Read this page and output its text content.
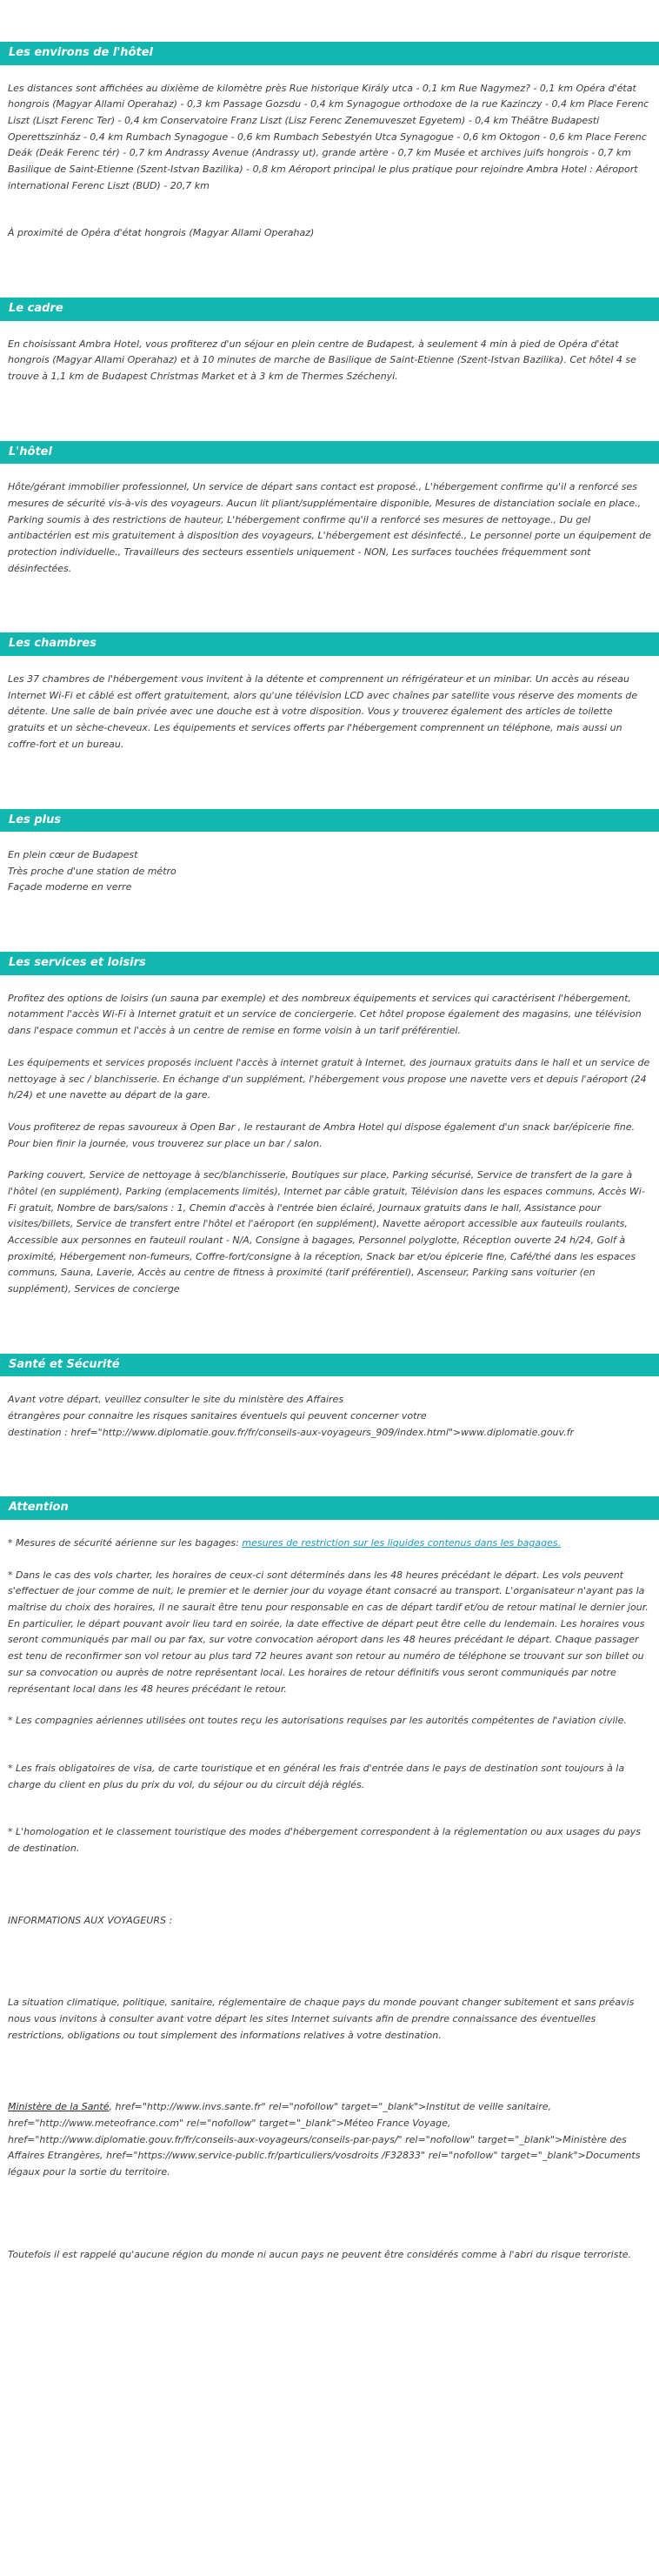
Les environs de l'hôtel

Les distances sont affichées au dixième de kilomètre près Rue historique Király utca - 0,1 km Rue Nagymez? - 0,1 km Opéra d'état hongrois (Magyar Allami Operahaz) - 0,3 km Passage Gozsdu - 0,4 km Synagogue orthodoxe de la rue Kazinczy - 0,4 km Place Ferenc Liszt (Liszt Ferenc Ter) - 0,4 km Conservatoire Franz Liszt (Lisz Ferenc Zenemuveszet Egyetem) - 0,4 km Théâtre Budapesti Operettszinház - 0,4 km Rumbach Synagogue - 0,6 km Rumbach Sebestyén Utca Synagogue - 0,6 km Oktogon - 0,6 km Place Ferenc Deák (Deák Ferenc tér) - 0,7 km Andrassy Avenue (Andrassy ut), grande artère - 0,7 km Musée et archives juifs hongrois - 0,7 km Basilique de Saint-Etienne (Szent-Istvan Bazilika) - 0,8 km Aéroport principal le plus pratique pour rejoindre Ambra Hotel : Aéroport international Ferenc Liszt (BUD) - 20,7 km

À proximité de Opéra d'état hongrois (Magyar Allami Operahaz)

Le cadre

En choisissant Ambra Hotel, vous profiterez d'un séjour en plein centre de Budapest, à seulement 4 min à pied de Opéra d'état hongrois (Magyar Allami Operahaz) et à 10 minutes de marche de Basilique de Saint-Etienne (Szent-Istvan Bazilika). Cet hôtel 4 se trouve à 1,1 km de Budapest Christmas Market et à 3 km de Thermes Széchenyi.

L'hôtel

Hôte/gérant immobilier professionnel, Un service de départ sans contact est proposé., L'hébergement confirme qu'il a renforcé ses mesures de sécurité vis-à-vis des voyageurs. Aucun lit pliant/supplémentaire disponible, Mesures de distanciation sociale en place., Parking soumis à des restrictions de hauteur, L'hébergement confirme qu'il a renforcé ses mesures de nettoyage., Du gel antibactérien est mis gratuitement à disposition des voyageurs, L'hébergement est désinfecté., Le personnel porte un équipement de protection individuelle., Travailleurs des secteurs essentiels uniquement - NON, Les surfaces touchées fréquemment sont désinfectées.

Les chambres

Les 37 chambres de l'hébergement vous invitent à la détente et comprennent un réfrigérateur et un minibar. Un accès au réseau Internet Wi-Fi et câblé est offert gratuitement, alors qu'une télévision LCD avec chaînes par satellite vous réserve des moments de détente. Une salle de bain privée avec une douche est à votre disposition. Vous y trouverez également des articles de toilette gratuits et un sèche-cheveux. Les équipements et services offerts par l'hébergement comprennent un téléphone, mais aussi un coffre-fort et un bureau.

Les plus

En plein cœur de Budapest

Très proche d'une station de métro
Façade moderne en verre
Les services et loisirs

Profitez des options de loisirs (un sauna par exemple) et des nombreux équipements et services qui caractérisent l'hébergement, notamment l'accès Wi-Fi à Internet gratuit et un service de conciergerie. Cet hôtel propose également des magasins, une télévision dans l'espace commun et l'accès à un centre de remise en forme voisin à un tarif préférentiel.

Les équipements et services proposés incluent l'accès à internet gratuit à Internet, des journaux gratuits dans le hall et un service de nettoyage à sec / blanchisserie. En échange d'un supplément, l'hébergement vous propose une navette vers et depuis l'aéroport (24 h/24) et une navette au départ de la gare.

Vous profiterez de repas savoureux à Open Bar , le restaurant de Ambra Hotel qui dispose également d'un snack bar/épicerie fine. Pour bien finir la journée, vous trouverez sur place un bar / salon.

Parking couvert, Service de nettoyage à sec/blanchisserie, Boutiques sur place, Parking sécurisé, Service de transfert de la gare à l'hôtel (en supplément), Parking (emplacements limités), Internet par câble gratuit, Télévision dans les espaces communs, Accès Wi-Fi gratuit, Nombre de bars/salons : 1, Chemin d'accès à l'entrée bien éclairé, Journaux gratuits dans le hall, Assistance pour visites/billets, Service de transfert entre l'hôtel et l'aéroport (en supplément), Navette aéroport accessible aux fauteuils roulants, Accessible aux personnes en fauteuil roulant - N/A, Consigne à bagages, Personnel polyglotte, Réception ouverte 24 h/24, Golf à proximité, Hébergement non-fumeurs, Coffre-fort/consigne à la réception, Snack bar et/ou épicerie fine, Café/thé dans les espaces communs, Sauna, Laverie, Accès au centre de fitness à proximité (tarif préférentiel), Ascenseur, Parking sans voiturier (en supplément), Services de concierge

Santé et Sécurité

Avant votre départ, veuillez consulter le site du ministère des Affaires

étrangères pour connaitre les risques sanitaires éventuels qui peuvent concerner votre
destination : href="http://www.diplomatie.gouv.fr/fr/conseils-aux-voyageurs_909/index.html">www.diplomatie.gouv.fr
Attention

* Mesures de sécurité aérienne sur les bagages: mesures de restriction sur les liquides contenus dans les bagages.

* Dans le cas des vols charter, les horaires de ceux-ci sont déterminés dans les 48 heures précédant le départ. Les vols peuvent s'effectuer de jour comme de nuit, le premier et le dernier jour du voyage étant consacré au transport. L'organisateur n'ayant pas la maîtrise du choix des horaires, il ne saurait être tenu pour responsable en cas de départ tardif et/ou de retour matinal le dernier jour. En particulier, le départ pouvant avoir lieu tard en soirée, la date effective de départ peut être celle du lendemain. Les horaires vous seront communiqués par mail ou par fax, sur votre convocation aéroport dans les 48 heures précédant le départ. Chaque passager est tenu de reconfirmer son vol retour au plus tard 72 heures avant son retour au numéro de téléphone se trouvant sur son billet ou sur sa convocation ou auprès de notre représentant local. Les horaires de retour définitifs vous seront communiqués par notre représentant local dans les 48 heures précédant le retour.

* Les compagnies aériennes utilisées ont toutes reçu les autorisations requises par les autorités compétentes de l'aviation civile.

* Les frais obligatoires de visa, de carte touristique et en général les frais d'entrée dans le pays de destination sont toujours à la charge du client en plus du prix du vol, du séjour ou du circuit déjà réglés.

* L'homologation et le classement touristique des modes d'hébergement correspondent à la réglementation ou aux usages du pays de destination.

INFORMATIONS AUX VOYAGEURS :

La situation climatique, politique, sanitaire, réglementaire de chaque pays du monde pouvant changer subitement et sans préavis

nous vous invitons à consulter avant votre départ les sites Internet suivants afin de prendre connaissance des éventuelles restrictions, obligations ou tout simplement des informations relatives à votre destination.

Ministère de la Santé, href="http://www.invs.sante.fr" rel="nofollow" target="_blank">Institut de veille sanitaire, href="http://www.meteofrance.com" rel="nofollow" target="_blank">Méteo France Voyage, href="http://www.diplomatie.gouv.fr/fr/conseils-aux-voyageurs/conseils-par-pays/" rel="nofollow" target="_blank">Ministère des Affaires Etrangères, href="https://www.service-public.fr/particuliers/vosdroits /F32833" rel="nofollow" target="_blank">Documents légaux pour la sortie du territoire.

Toutefois il est rappelé qu'aucune région du monde ni aucun pays ne peuvent être considérés comme à l'abri du risque terroriste.
